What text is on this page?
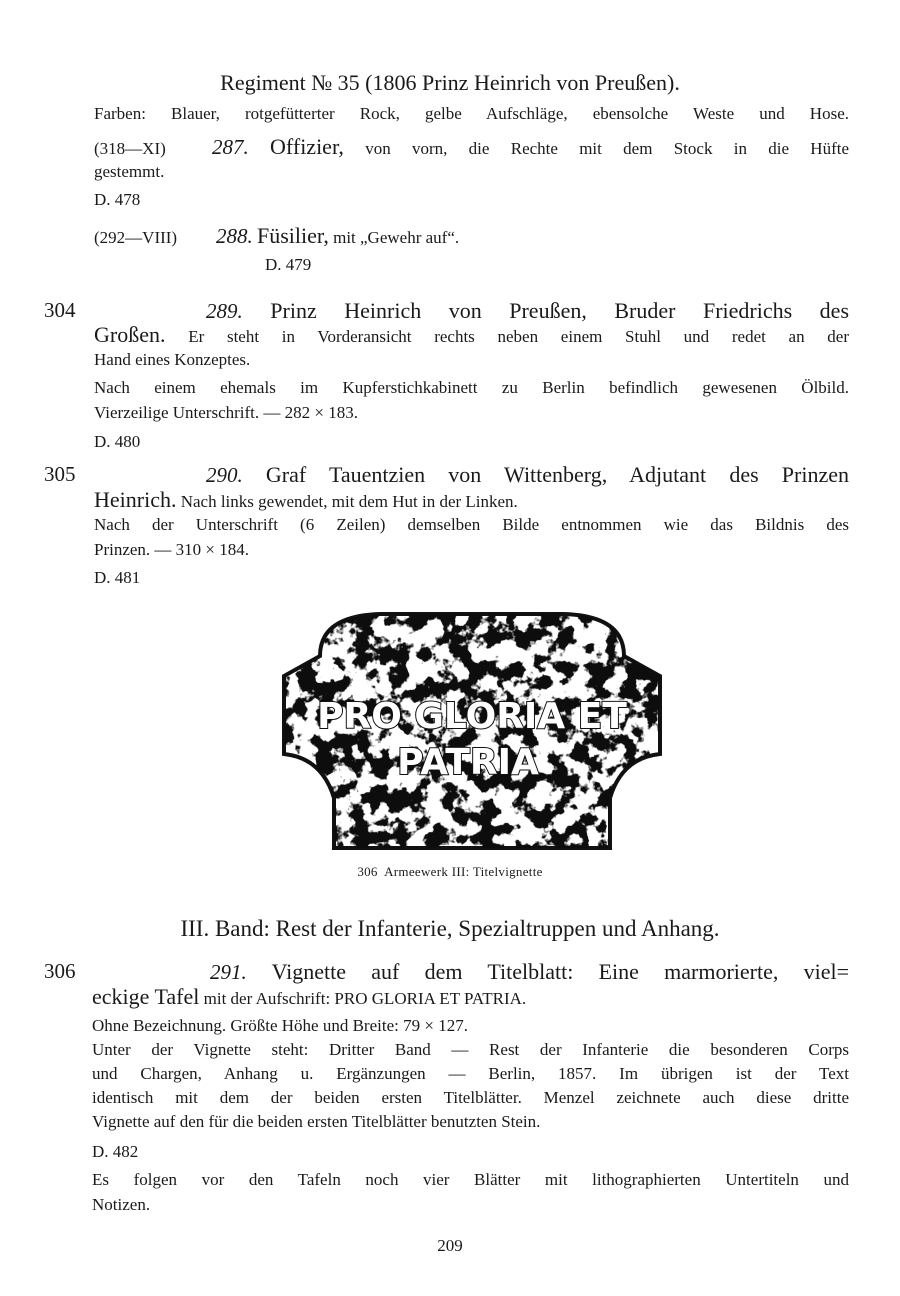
Regiment № 35 (1806 Prinz Heinrich von Preußen).
Farben: Blauer, rotgefütterter Rock, gelbe Aufschläge, ebensolche Weste und Hose.
(318—XI) 287. Offizier, von vorn, die Rechte mit dem Stock in die Hüfte
gestemmt.
D. 478
(292—VIII) 288. Füsilier, mit „Gewehr auf“.
D. 479
304	289. Prinz Heinrich von Preußen, Bruder Friedrichs des
Großen. Er steht in Vorderansicht rechts neben einem Stuhl und redet an der
Hand eines Konzeptes.
Nach einem ehemals im Kupferstichkabinett zu Berlin befindlich gewesenen Ölbild.
Vierzeilige Unterschrift. — 282 × 183.
D. 480
305	290. Graf Tauentzien von Wittenberg, Adjutant des Prinzen
Heinrich. Nach links gewendet, mit dem Hut in der Linken.
Nach der Unterschrift (6 Zeilen) demselben Bilde entnommen wie das Bildnis des
Prinzen. — 310 × 184.
D. 481
PRO GLORIA ET
PATRIA
306  Armeewerk III: Titelvignette
III. Band: Rest der Infanterie, Spezialtruppen und Anhang.
306	291. Vignette auf dem Titelblatt: Eine marmorierte, viel=
eckige Tafel mit der Aufschrift: PRO GLORIA ET PATRIA.
Ohne Bezeichnung. Größte Höhe und Breite: 79 × 127.
Unter der Vignette steht: Dritter Band — Rest der Infanterie die besonderen Corps
und Chargen, Anhang u. Ergänzungen — Berlin, 1857. Im übrigen ist der Text
identisch mit dem der beiden ersten Titelblätter. Menzel zeichnete auch diese dritte
Vignette auf den für die beiden ersten Titelblätter benutzten Stein.
D. 482
Es folgen vor den Tafeln noch vier Blätter mit lithographierten Untertiteln und
Notizen.
209
